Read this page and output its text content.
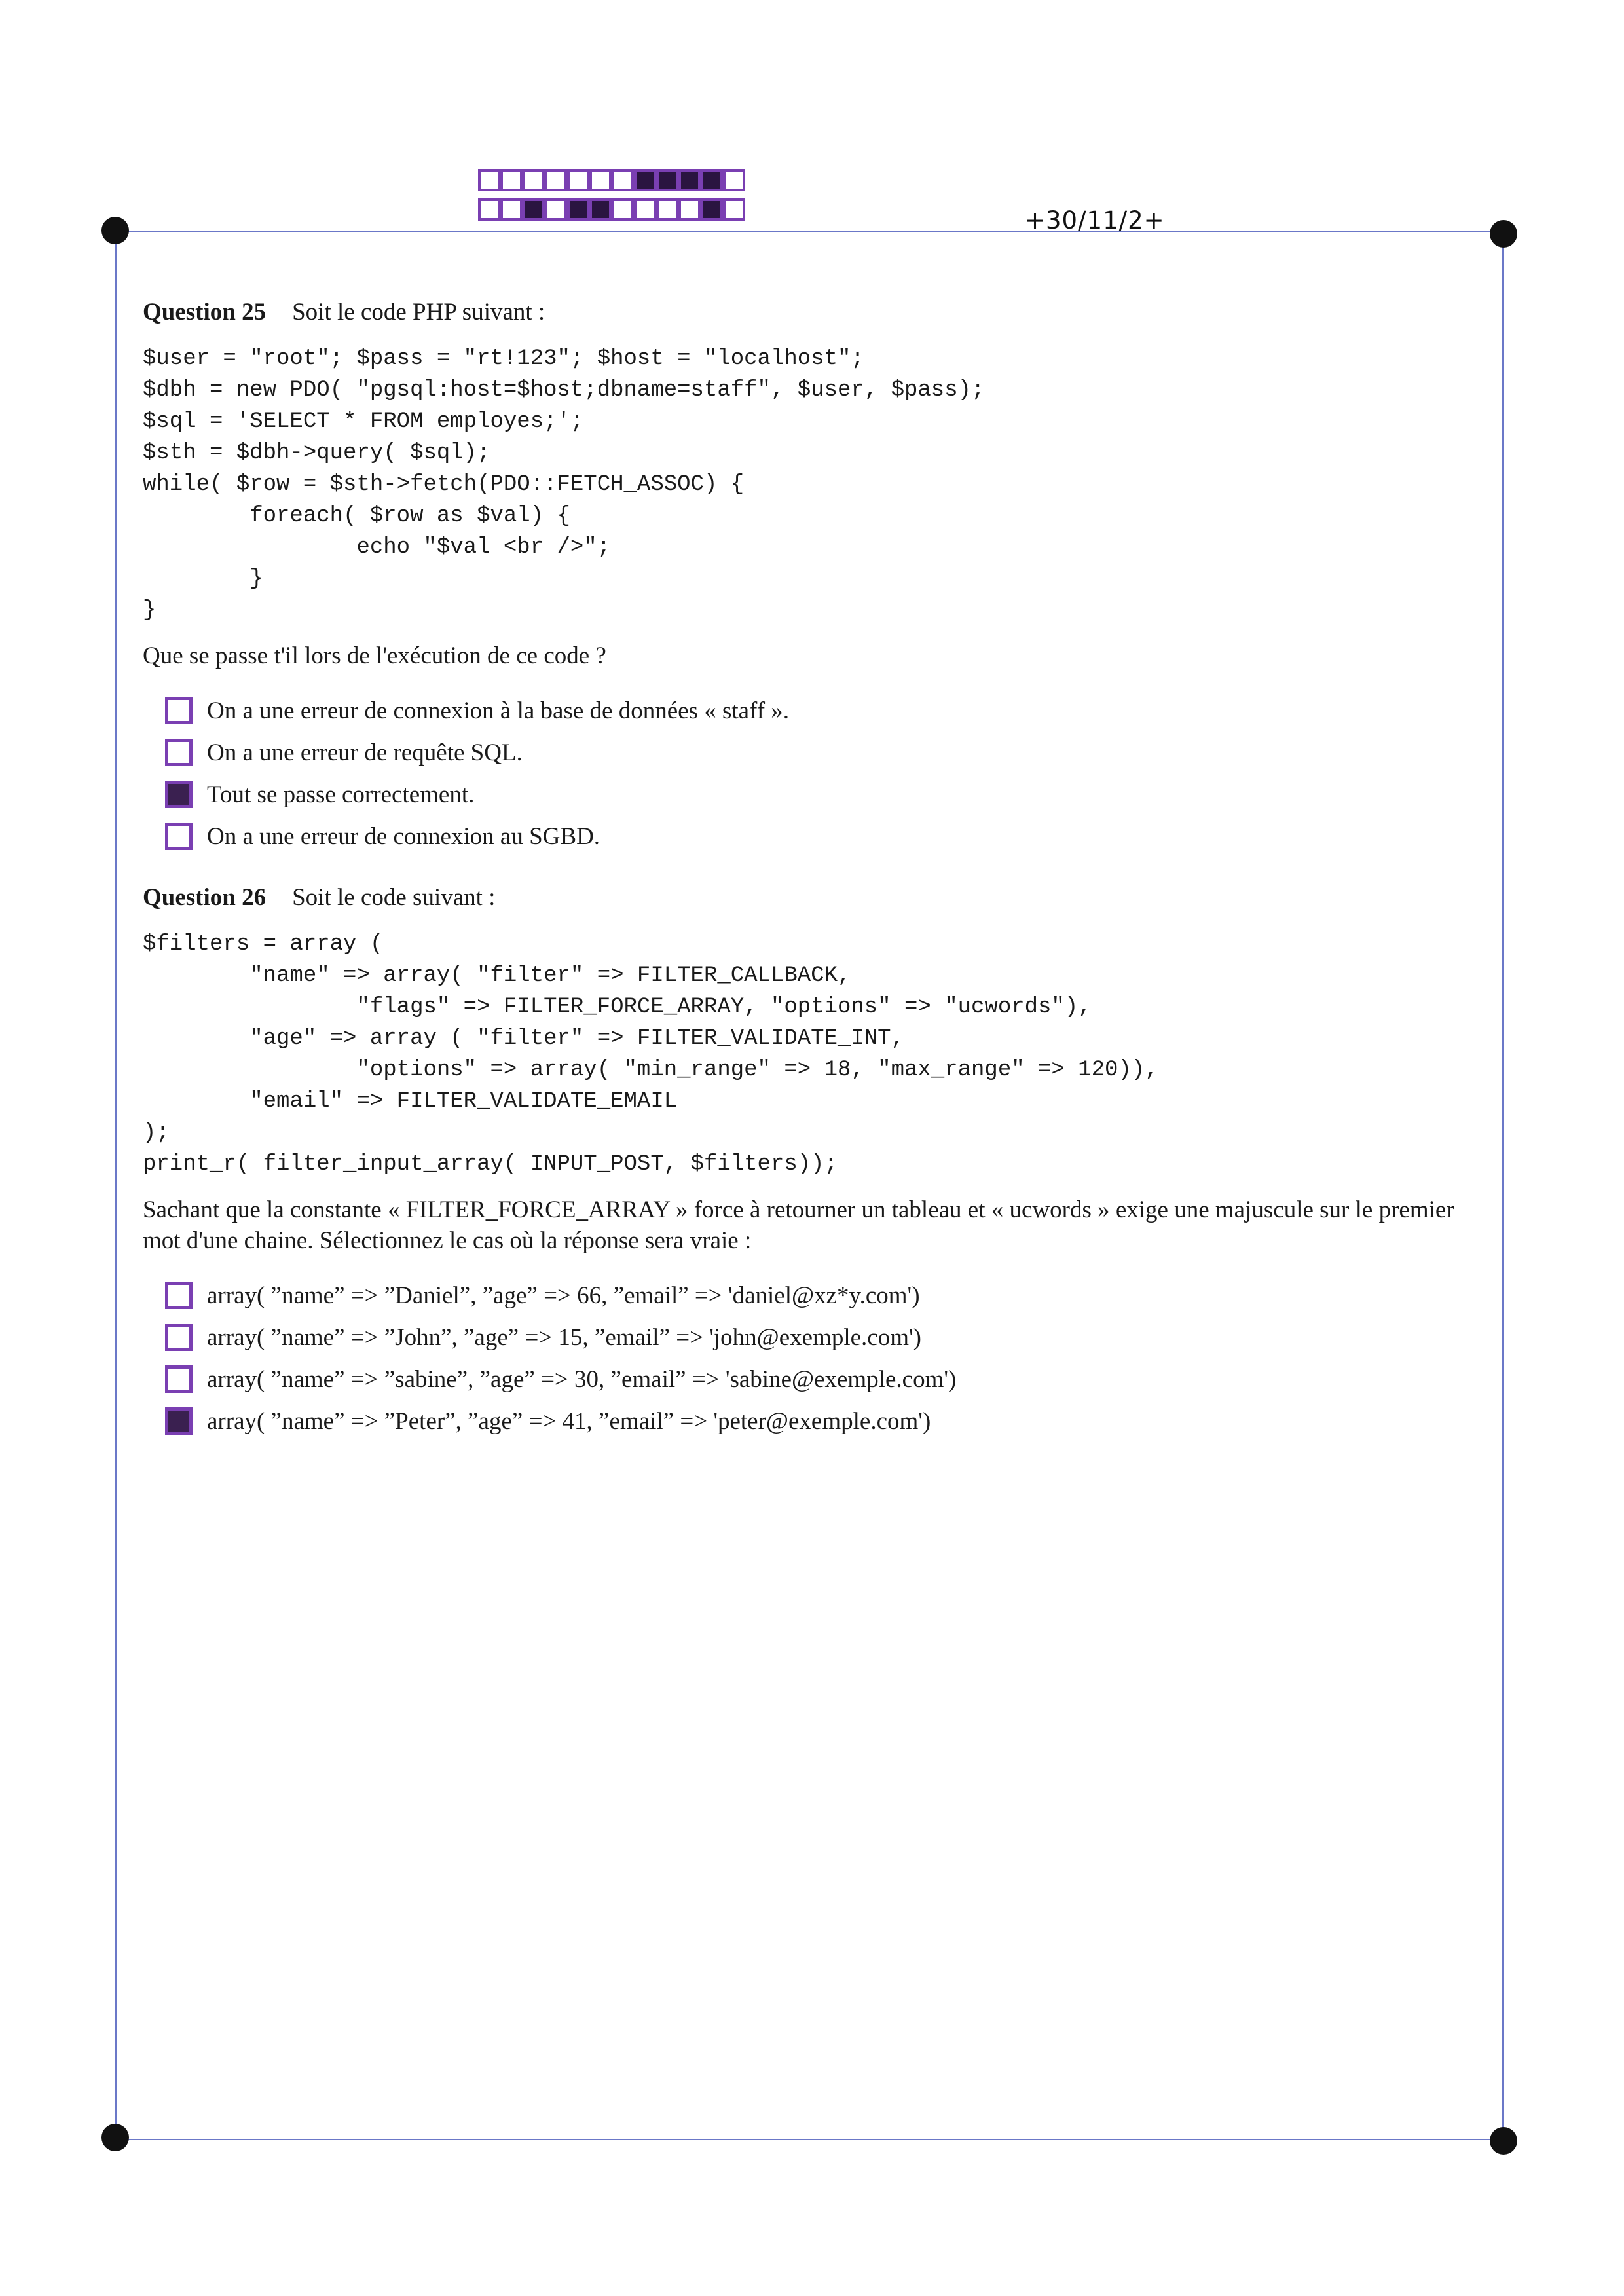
+30/11/2+

Question 25 Soit le code PHP suivant :

$user = "root"; $pass = "rt!123"; $host = "localhost";
$dbh = new PDO( "pgsql:host=$host;dbname=staff", $user, $pass);
$sql = 'SELECT * FROM employes;';
$sth = $dbh->query( $sql);
while( $row = $sth->fetch(PDO::FETCH_ASSOC) {
foreach( $row as $val) {
echo "$val <br />";
}
}

Que se passe t'il lors de l'exécution de ce code ?

On a une erreur de connexion à la base de données « staff ».
On a une erreur de requête SQL.
Tout se passe correctement.
On a une erreur de connexion au SGBD.

Question 26 Soit le code suivant :

$filters = array (
"name" => array( "filter" => FILTER_CALLBACK,
"flags" => FILTER_FORCE_ARRAY, "options" => "ucwords"),
"age" => array ( "filter" => FILTER_VALIDATE_INT,
"options" => array( "min_range" => 18, "max_range" => 120)),
"email" => FILTER_VALIDATE_EMAIL
);
print_r( filter_input_array( INPUT_POST, $filters));

Sachant que la constante « FILTER_FORCE_ARRAY » force à retourner un tableau et « ucwords » exige une majuscule sur le premier mot d'une chaine. Sélectionnez le cas où la réponse sera vraie :

array( ”name” => ”Daniel”, ”age” => 66, ”email” => 'daniel@xz*y.com')
array( ”name” => ”John”, ”age” => 15, ”email” => 'john@exemple.com')
array( ”name” => ”sabine”, ”age” => 30, ”email” => 'sabine@exemple.com')
array( ”name” => ”Peter”, ”age” => 41, ”email” => 'peter@exemple.com')
